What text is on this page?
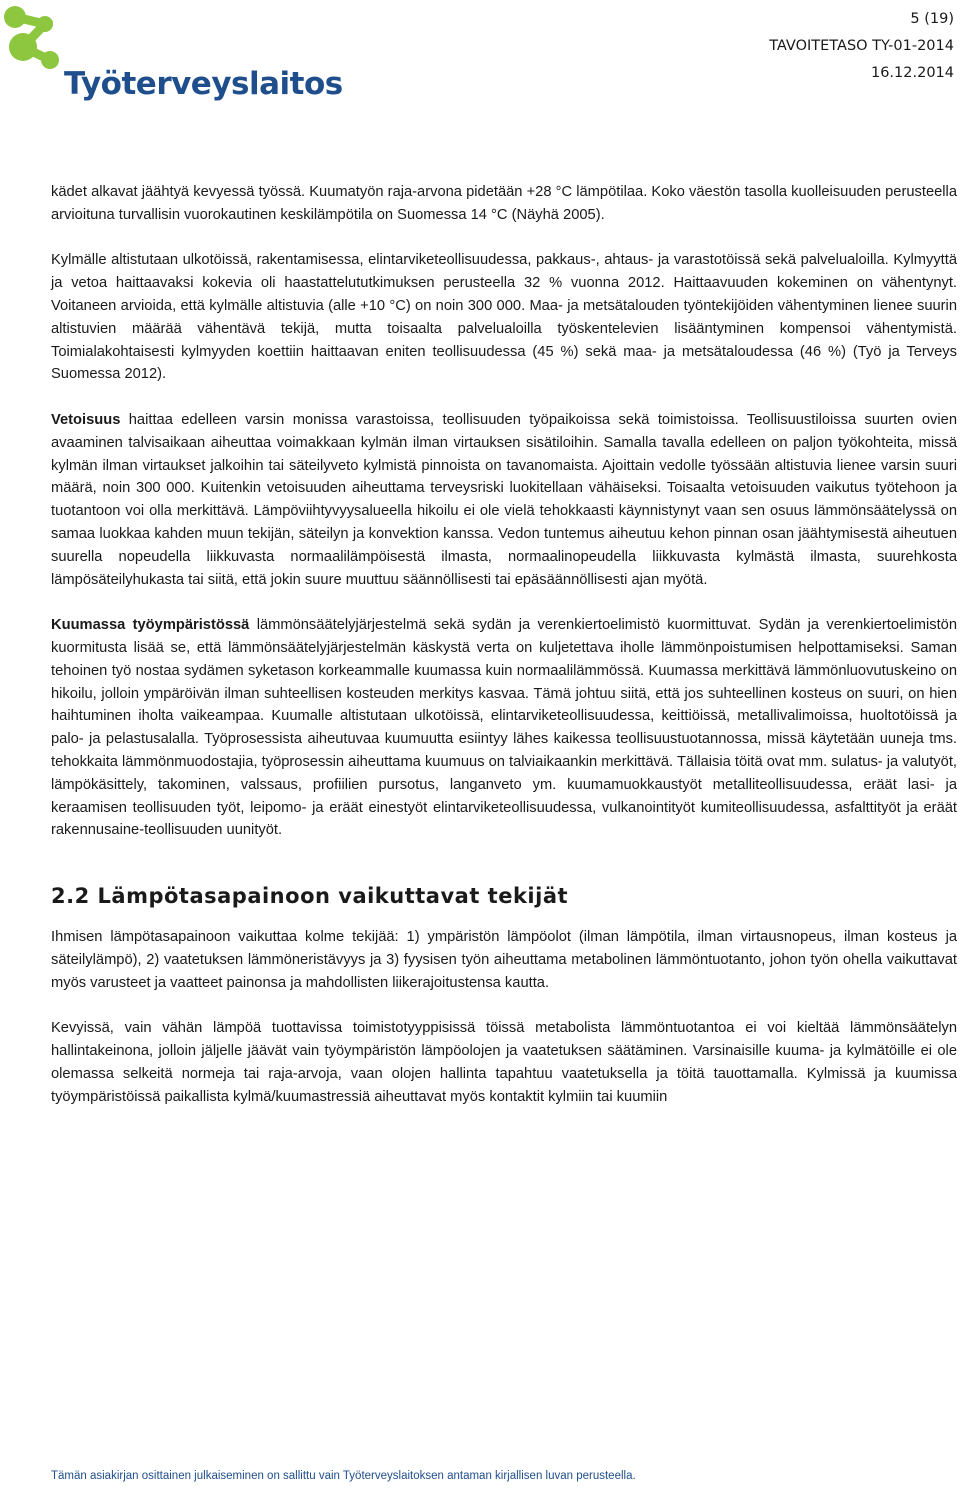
Työterveyslaitos
5 (19)
TAVOITETASO TY-01-2014
16.12.2014

kädet alkavat jäähtyä kevyessä työssä. Kuumatyön raja-arvona pidetään +28 °C lämpötilaa. Koko väestön tasolla kuolleisuuden perusteella arvioituna turvallisin vuorokautinen keskilämpötila on Suomessa 14 °C (Näyhä 2005).

Kylmälle altistutaan ulkotöissä, rakentamisessa, elintarviketeollisuudessa, pakkaus-, ahtaus- ja varastotöissä sekä palvelualoilla. Kylmyyttä ja vetoa haittaavaksi kokevia oli haastattelututkimuksen perusteella 32 % vuonna 2012. Haittaavuuden kokeminen on vähentynyt. Voitaneen arvioida, että kylmälle altistuvia (alle +10 °C) on noin 300 000. Maa- ja metsätalouden työntekijöiden vähentyminen lienee suurin altistuvien määrää vähentävä tekijä, mutta toisaalta palvelualoilla työskentelevien lisääntyminen kompensoi vähentymistä. Toimialakohtaisesti kylmyyden koettiin haittaavan eniten teollisuudessa (45 %) sekä maa- ja metsätaloudessa (46 %) (Työ ja Terveys Suomessa 2012).

Vetoisuus haittaa edelleen varsin monissa varastoissa, teollisuuden työpaikoissa sekä toimistoissa. Teollisuustiloissa suurten ovien avaaminen talvisaikaan aiheuttaa voimakkaan kylmän ilman virtauksen sisätiloihin. Samalla tavalla edelleen on paljon työkohteita, missä kylmän ilman virtaukset jalkoihin tai säteilyveto kylmistä pinnoista on tavanomaista. Ajoittain vedolle työssään altistuvia lienee varsin suuri määrä, noin 300 000. Kuitenkin vetoisuuden aiheuttama terveysriski luokitellaan vähäiseksi. Toisaalta vetoisuuden vaikutus työtehoon ja tuotantoon voi olla merkittävä. Lämpöviihtyvyysalueella hikoilu ei ole vielä tehokkaasti käynnistynyt vaan sen osuus lämmönsäätelyssä on samaa luokkaa kahden muun tekijän, säteilyn ja konvektion kanssa. Vedon tuntemus aiheutuu kehon pinnan osan jäähtymisestä aiheutuen suurella nopeudella liikkuvasta normaalilämpöisestä ilmasta, normaalinopeudella liikkuvasta kylmästä ilmasta, suurehkosta lämpösäteilyhukasta tai siitä, että jokin suure muuttuu säännöllisesti tai epäsäännöllisesti ajan myötä.

Kuumassa työympäristössä lämmönsäätelyjärjestelmä sekä sydän ja verenkiertoelimistö kuormittuvat. Sydän ja verenkiertoelimistön kuormitusta lisää se, että lämmönsäätelyjärjestelmän käskystä verta on kuljetettava iholle lämmönpoistumisen helpottamiseksi. Saman tehoinen työ nostaa sydämen syketason korkeammalle kuumassa kuin normaalilämmössä. Kuumassa merkittävä lämmönluovutuskeino on hikoilu, jolloin ympäröivän ilman suhteellisen kosteuden merkitys kasvaa. Tämä johtuu siitä, että jos suhteellinen kosteus on suuri, on hien haihtuminen iholta vaikeampaa. Kuumalle altistutaan ulkotöissä, elintarviketeollisuudessa, keittiöissä, metallivalimoissa, huoltotöissä ja palo- ja pelastusalalla. Työprosessista aiheutuvaa kuumuutta esiintyy lähes kaikessa teollisuustuotannossa, missä käytetään uuneja tms. tehokkaita lämmönmuodostajia, työprosessin aiheuttama kuumuus on talviaikaankin merkittävä. Tällaisia töitä ovat mm. sulatus- ja valutyöt, lämpökäsittely, takominen, valssaus, profiilien pursotus, langanveto ym. kuumamuokkaustyöt metalliteollisuudessa, eräät lasi- ja keraamisen teollisuuden työt, leipomo- ja eräät einestyöt elintarviketeollisuudessa, vulkanointityöt kumiteollisuudessa, asfalttityöt ja eräät rakennusaine-teollisuuden uunityöt.

2.2 Lämpötasapainoon vaikuttavat tekijät

Ihmisen lämpötasapainoon vaikuttaa kolme tekijää: 1) ympäristön lämpöolot (ilman lämpötila, ilman virtausnopeus, ilman kosteus ja säteilylämpö), 2) vaatetuksen lämmöneristävyys ja 3) fyysisen työn aiheuttama metabolinen lämmöntuotanto, johon työn ohella vaikuttavat myös varusteet ja vaatteet painonsa ja mahdollisten liikerajoitustensa kautta.

Kevyissä, vain vähän lämpöä tuottavissa toimistotyyppisissä töissä metabolista lämmöntuotantoa ei voi kieltää lämmönsäätelyn hallintakeinona, jolloin jäljelle jäävät vain työympäristön lämpöolojen ja vaatetuksen säätäminen. Varsinaisille kuuma- ja kylmätöille ei ole olemassa selkeitä normeja tai raja-arvoja, vaan olojen hallinta tapahtuu vaatetuksella ja töitä tauottamalla. Kylmissä ja kuumissa työympäristöissä paikallista kylmä/kuumastressiä aiheuttavat myös kontaktit kylmiin tai kuumiin

Tämän asiakirjan osittainen julkaiseminen on sallittu vain Työterveyslaitoksen antaman kirjallisen luvan perusteella.
